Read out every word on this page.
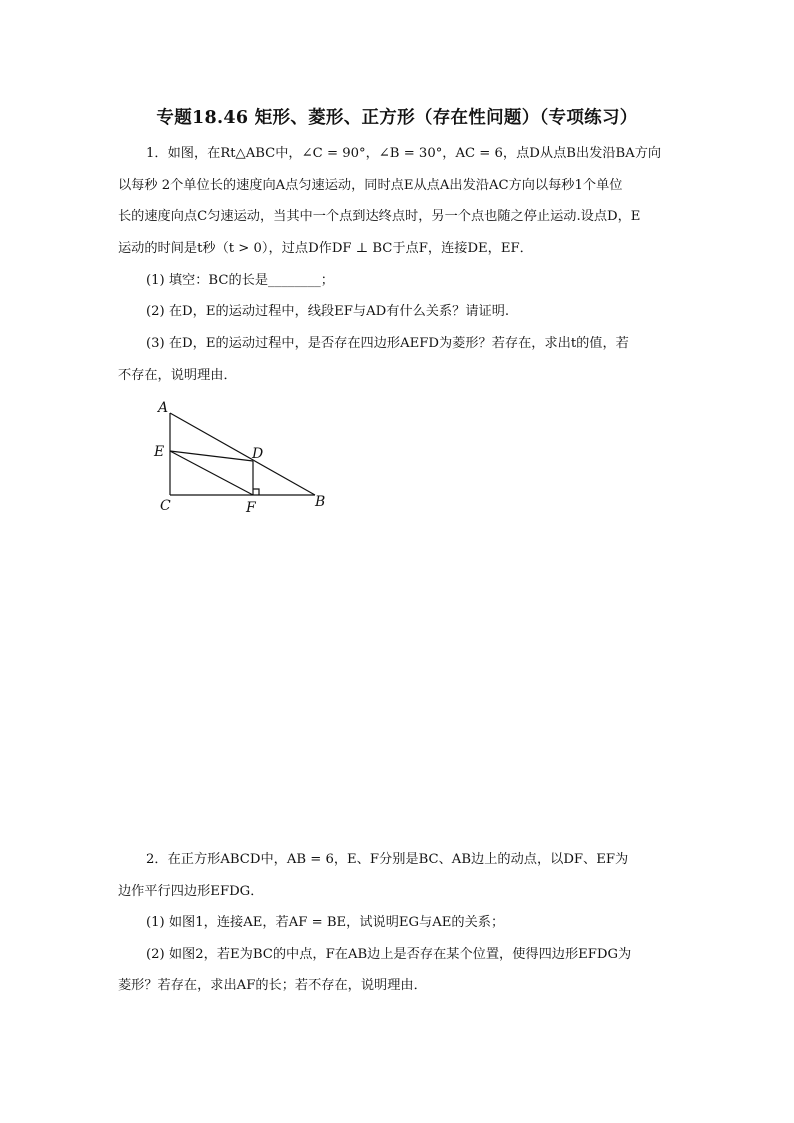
专题18.46 矩形、菱形、正方形（存在性问题）（专项练习）
1．如图，在Rt△ABC中，∠C = 90°，∠B = 30°，AC = 6，点D从点B出发沿BA方向
以每秒 2个单位长的速度向A点匀速运动，同时点E从点A出发沿AC方向以每秒1个单位
长的速度向点C匀速运动，当其中一个点到达终点时，另一个点也随之停止运动.设点D，E
运动的时间是t秒（t > 0），过点D作DF ⊥ BC于点F，连接DE，EF．
(1) 填空：BC的长是________；
(2) 在D，E的运动过程中，线段EF与AD有什么关系？请证明.
(3) 在D，E的运动过程中，是否存在四边形AEFD为菱形？若存在，求出t的值，若
不存在，说明理由．
A
E	D
C	F	B
2．在正方形ABCD中，AB = 6，E、F分别是BC、AB边上的动点，以DF、EF为
边作平行四边形EFDG．
(1) 如图1，连接AE，若AF = BE，试说明EG与AE的关系；
(2) 如图2，若E为BC的中点，F在AB边上是否存在某个位置，使得四边形EFDG为
菱形？若存在，求出AF的长；若不存在，说明理由．
